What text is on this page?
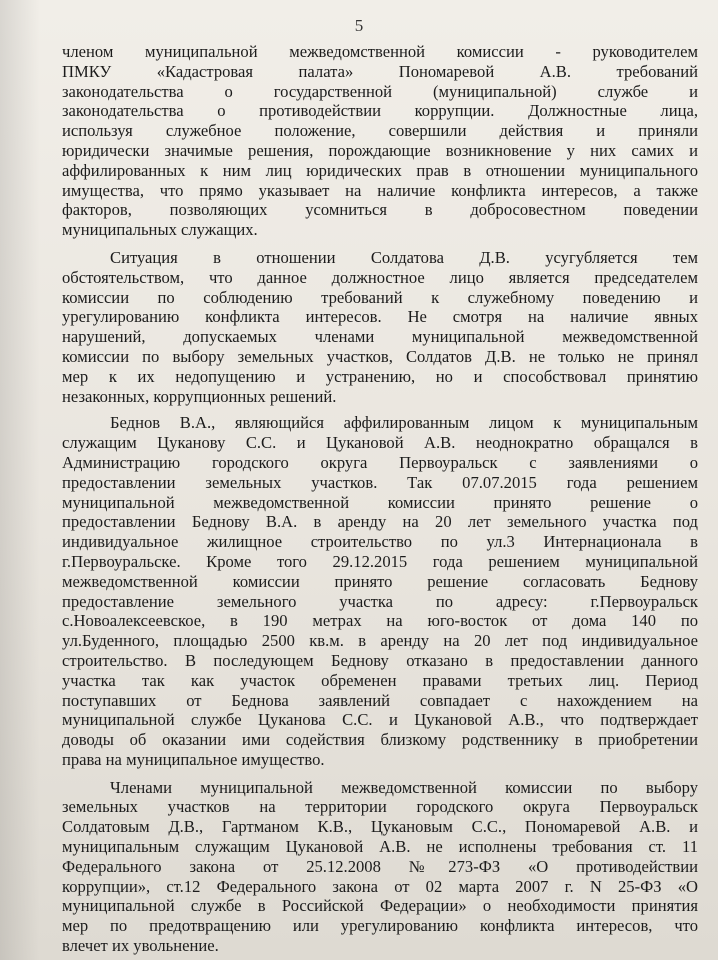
5

членом муниципальной межведомственной комиссии - руководителем
ПМКУ «Кадастровая палата» Пономаревой А.В. требований
законодательства о государственной (муниципальной) службе и
законодательства о противодействии коррупции. Должностные лица,
используя служебное положение, совершили действия и приняли
юридически значимые решения, порождающие возникновение у них самих и
аффилированных к ним лиц юридических прав в отношении муниципального
имущества, что прямо указывает на наличие конфликта интересов, а также
факторов, позволяющих усомниться в добросовестном поведении
муниципальных служащих.

Ситуация в отношении Солдатова Д.В. усугубляется тем
обстоятельством, что данное должностное лицо является председателем
комиссии по соблюдению требований к служебному поведению и
урегулированию конфликта интересов. Не смотря на наличие явных
нарушений, допускаемых членами муниципальной межведомственной
комиссии по выбору земельных участков, Солдатов Д.В. не только не принял
мер к их недопущению и устранению, но и способствовал принятию
незаконных, коррупционных решений.

Беднов В.А., являющийся аффилированным лицом к муниципальным
служащим Цуканову С.С. и Цукановой А.В. неоднократно обращался в
Администрацию городского округа Первоуральск с заявлениями о
предоставлении земельных участков. Так 07.07.2015 года решением
муниципальной межведомственной комиссии принято решение о
предоставлении Беднову В.А. в аренду на 20 лет земельного участка под
индивидуальное жилищное строительство по ул.3 Интернационала в
г.Первоуральске. Кроме того 29.12.2015 года решением муниципальной
межведомственной комиссии принято решение согласовать Беднову
предоставление земельного участка по адресу: г.Первоуральск
с.Новоалексеевское, в 190 метрах на юго-восток от дома 140 по
ул.Буденного, площадью 2500 кв.м. в аренду на 20 лет под индивидуальное
строительство. В последующем Беднову отказано в предоставлении данного
участка так как участок обременен правами третьих лиц. Период
поступавших от Беднова заявлений совпадает с нахождением на
муниципальной службе Цуканова С.С. и Цукановой А.В., что подтверждает
доводы об оказании ими содействия близкому родственнику в приобретении
права на муниципальное имущество.

Членами муниципальной межведомственной комиссии по выбору
земельных участков на территории городского округа Первоуральск
Солдатовым Д.В., Гартманом К.В., Цукановым С.С., Пономаревой А.В. и
муниципальным служащим Цукановой А.В. не исполнены требования ст. 11
Федерального закона от 25.12.2008 №273-ФЗ «О противодействии
коррупции», ст.12 Федерального закона от 02 марта 2007 г. N 25-ФЗ «О
муниципальной службе в Российской Федерации» о необходимости принятия
мер по предотвращению или урегулированию конфликта интересов, что
влечет их увольнение.
